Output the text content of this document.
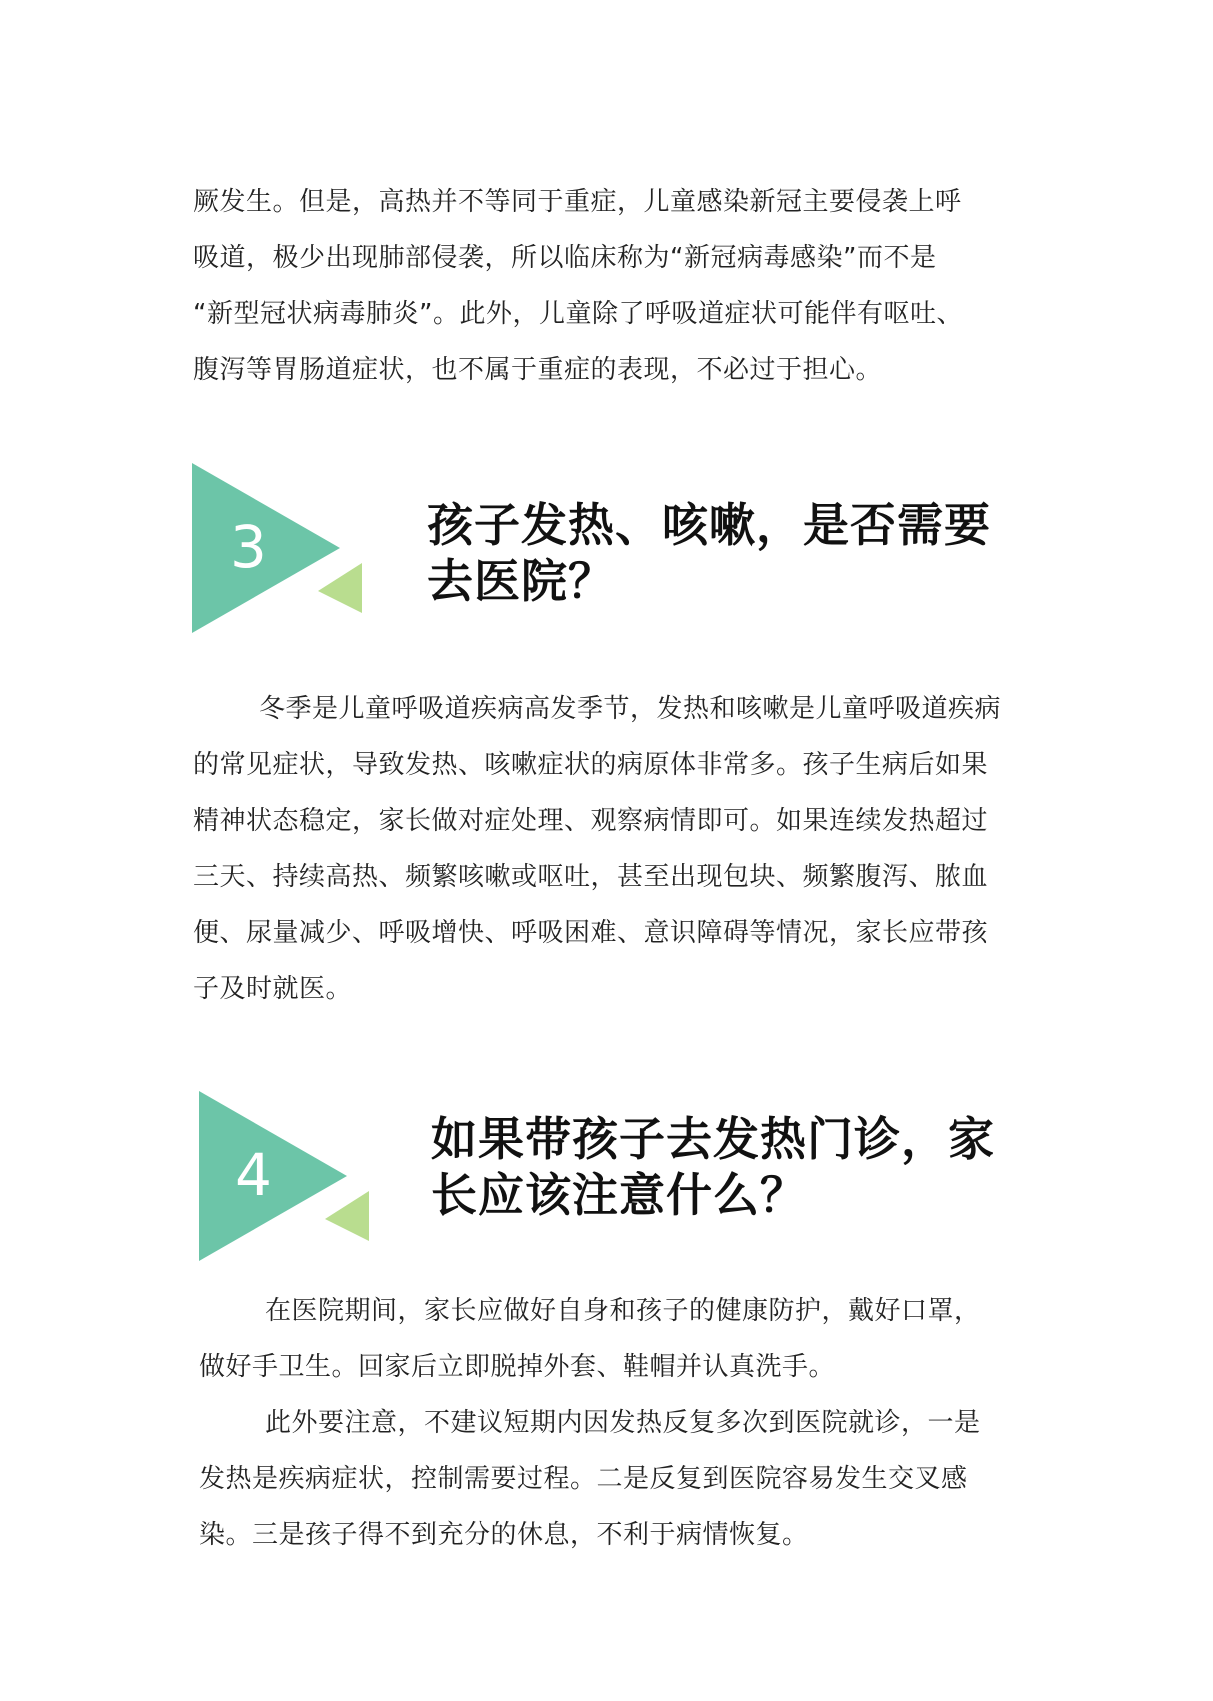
厥发生。但是，高热并不等同于重症，儿童感染新冠主要侵袭上呼
吸道，极少出现肺部侵袭，所以临床称为“新冠病毒感染”而不是
“新型冠状病毒肺炎”。此外，儿童除了呼吸道症状可能伴有呕吐、
腹泻等胃肠道症状，也不属于重症的表现，不必过于担心。
3	孩子发热、咳嗽，是否需要
去医院？
冬季是儿童呼吸道疾病高发季节，发热和咳嗽是儿童呼吸道疾病
的常见症状，导致发热、咳嗽症状的病原体非常多。孩子生病后如果
精神状态稳定，家长做对症处理、观察病情即可。如果连续发热超过
三天、持续高热、频繁咳嗽或呕吐，甚至出现包块、频繁腹泻、脓血
便、尿量减少、呼吸增快、呼吸困难、意识障碍等情况，家长应带孩
子及时就医。
4
如果带孩子去发热门诊，家
长应该注意什么？
在医院期间，家长应做好自身和孩子的健康防护，戴好口罩，
做好手卫生。回家后立即脱掉外套、鞋帽并认真洗手。
此外要注意，不建议短期内因发热反复多次到医院就诊，一是
发热是疾病症状，控制需要过程。二是反复到医院容易发生交叉感
染。三是孩子得不到充分的休息，不利于病情恢复。
